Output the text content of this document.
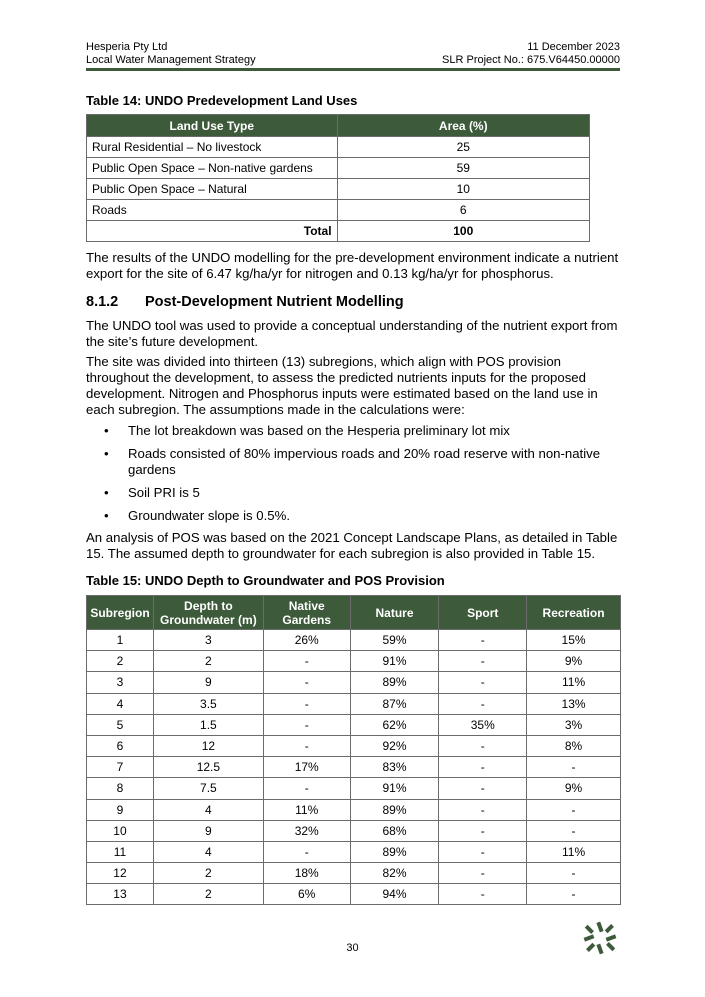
Hesperia Pty Ltd	11 December 2023
Local Water Management Strategy	SLR Project No.: 675.V64450.00000
Table 14: UNDO Predevelopment Land Uses
Land Use Type	Area (%)
Rural Residential – No livestock	25
Public Open Space – Non-native gardens	59
Public Open Space – Natural	10
Roads	6
Total	100

The results of the UNDO modelling for the pre-development environment indicate a nutrient export for the site of 6.47 kg/ha/yr for nitrogen and 0.13 kg/ha/yr for phosphorus.

8.1.2 Post-Development Nutrient Modelling

The UNDO tool was used to provide a conceptual understanding of the nutrient export from the site’s future development.

The site was divided into thirteen (13) subregions, which align with POS provision throughout the development, to assess the predicted nutrients inputs for the proposed development. Nitrogen and Phosphorus inputs were estimated based on the land use in each subregion. The assumptions made in the calculations were:

• The lot breakdown was based on the Hesperia preliminary lot mix
• Roads consisted of 80% impervious roads and 20% road reserve with non-native gardens
• Soil PRI is 5
• Groundwater slope is 0.5%.

An analysis of POS was based on the 2021 Concept Landscape Plans, as detailed in Table 15. The assumed depth to groundwater for each subregion is also provided in Table 15.

Table 15: UNDO Depth to Groundwater and POS Provision
Subregion	Depth to Groundwater (m)	Native Gardens	Nature	Sport	Recreation
1	3	26%	59%	-	15%
2	2	-	91%	-	9%
3	9	-	89%	-	11%
4	3.5	-	87%	-	13%
5	1.5	-	62%	35%	3%
6	12	-	92%	-	8%
7	12.5	17%	83%	-	-
8	7.5	-	91%	-	9%
9	4	11%	89%	-	-
10	9	32%	68%	-	-
11	4	-	89%	-	11%
12	2	18%	82%	-	-
13	2	6%	94%	-	-
30
